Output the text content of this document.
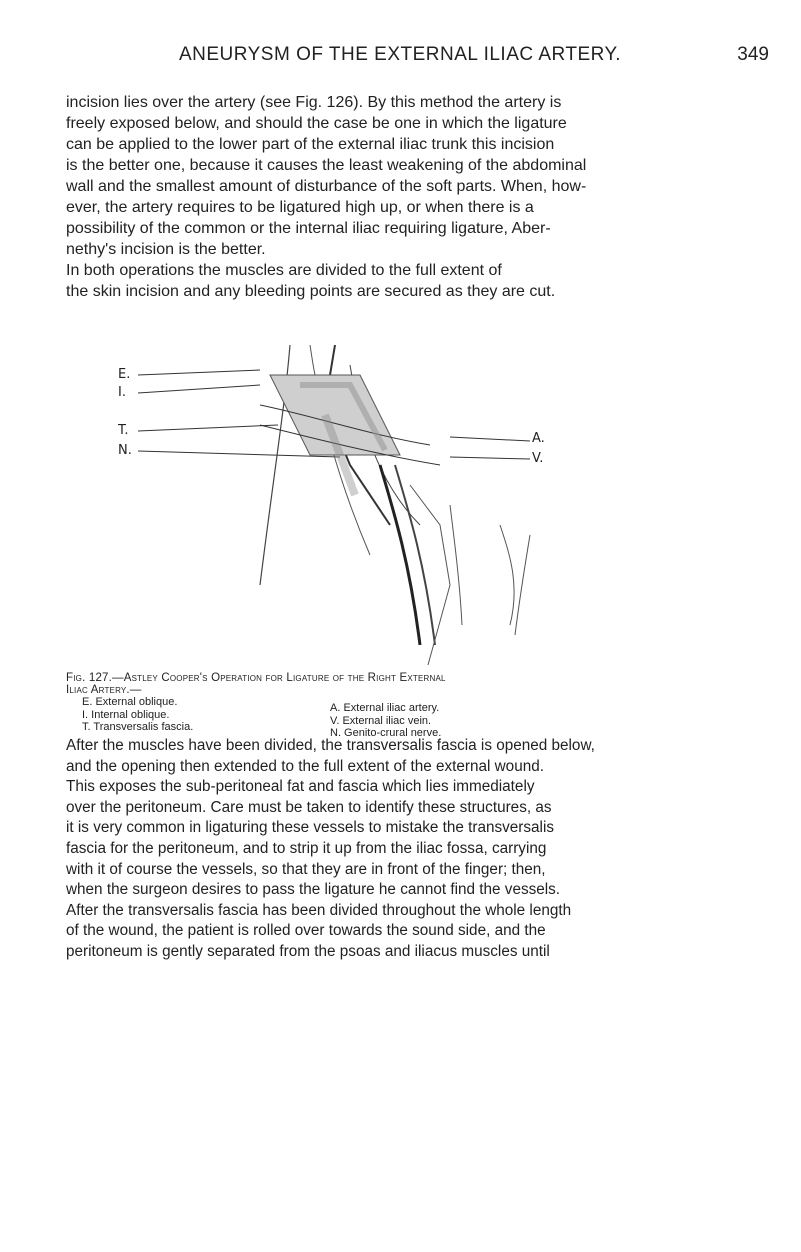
ANEURYSM OF THE EXTERNAL ILIAC ARTERY.	349
incision lies over the artery (see Fig. 126). By this method the artery is
freely exposed below, and should the case be one in which the ligature
can be applied to the lower part of the external iliac trunk this incision
is the better one, because it causes the least weakening of the abdominal
wall and the smallest amount of disturbance of the soft parts. When, how-
ever, the artery requires to be ligatured high up, or when there is a
possibility of the common or the internal iliac requiring ligature, Aber-
nethy's incision is the better.
In both operations the muscles are divided to the full extent of
the skin incision and any bleeding points are secured as they are cut.
E.
I.
T.
N.
A.
V.
Fig. 127.—Astley Cooper's Operation for Ligature of the Right External
Iliac Artery.—
E. External oblique.
I. Internal oblique.
T. Transversalis fascia.
A. External iliac artery.
V. External iliac vein.
N. Genito-crural nerve.
After the muscles have been divided, the transversalis fascia is opened below,
and the opening then extended to the full extent of the external wound.
This exposes the sub-peritoneal fat and fascia which lies immediately
over the peritoneum. Care must be taken to identify these structures, as
it is very common in ligaturing these vessels to mistake the transversalis
fascia for the peritoneum, and to strip it up from the iliac fossa, carrying
with it of course the vessels, so that they are in front of the finger; then,
when the surgeon desires to pass the ligature he cannot find the vessels.
After the transversalis fascia has been divided throughout the whole length
of the wound, the patient is rolled over towards the sound side, and the
peritoneum is gently separated from the psoas and iliacus muscles until
